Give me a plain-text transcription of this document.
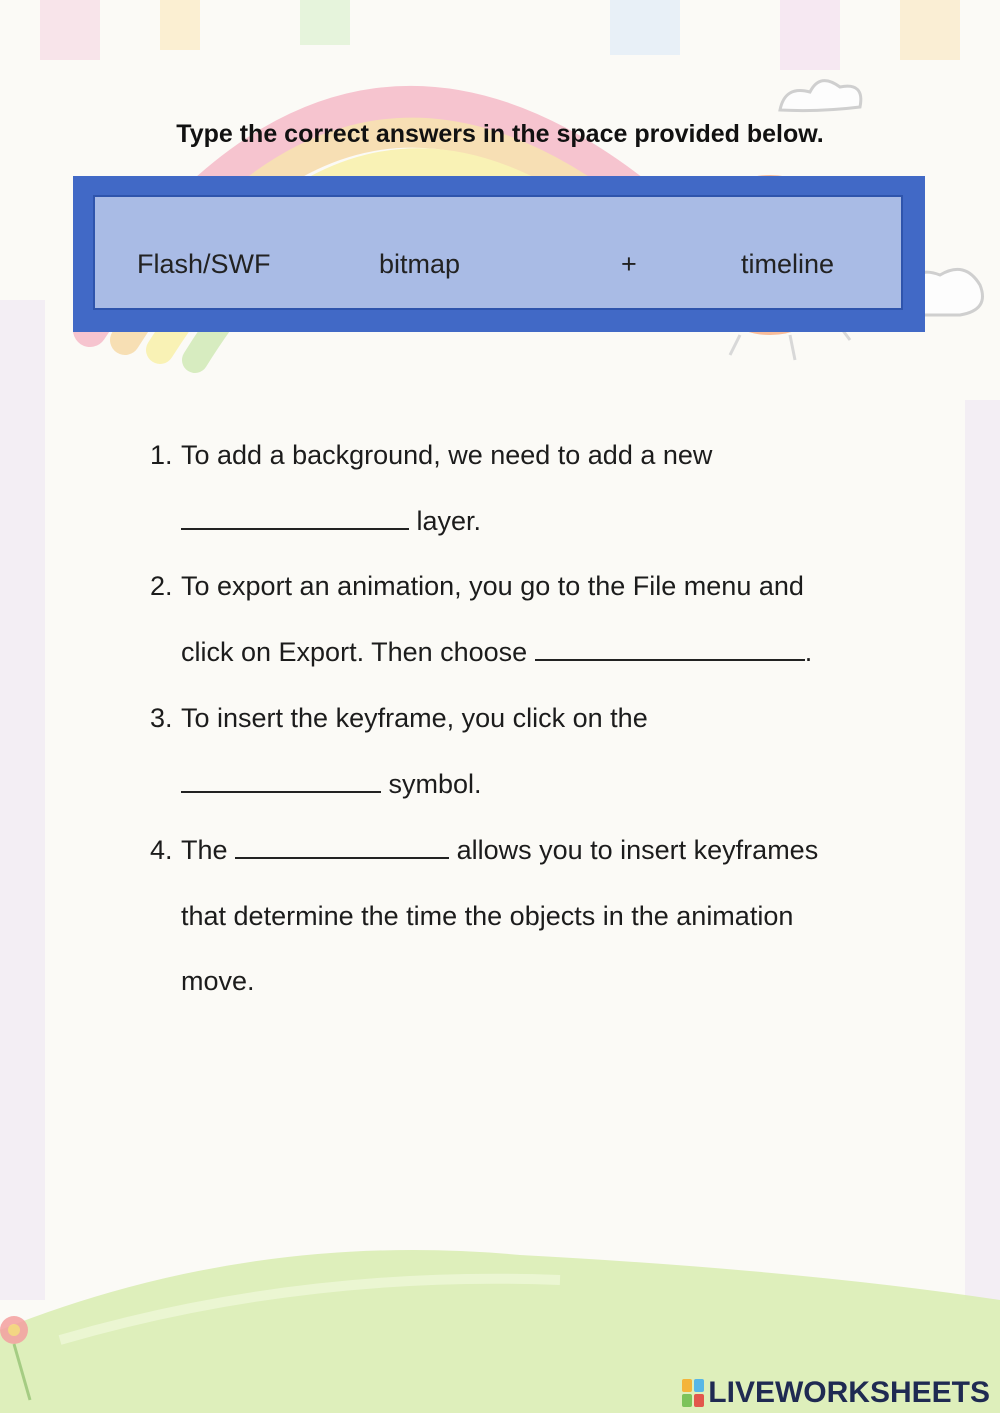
Type the correct answers in the space provided below.
Flash/SWF	bitmap	+	timeline
1. To add a background, we need to add a new
layer.
2. To export an animation, you go to the File menu and
click on Export. Then choose	.
3. To insert the keyframe, you click on the
symbol.
4. The	allows you to insert keyframes
that determine the time the objects in the animation
move.
LIVEWORKSHEETS
